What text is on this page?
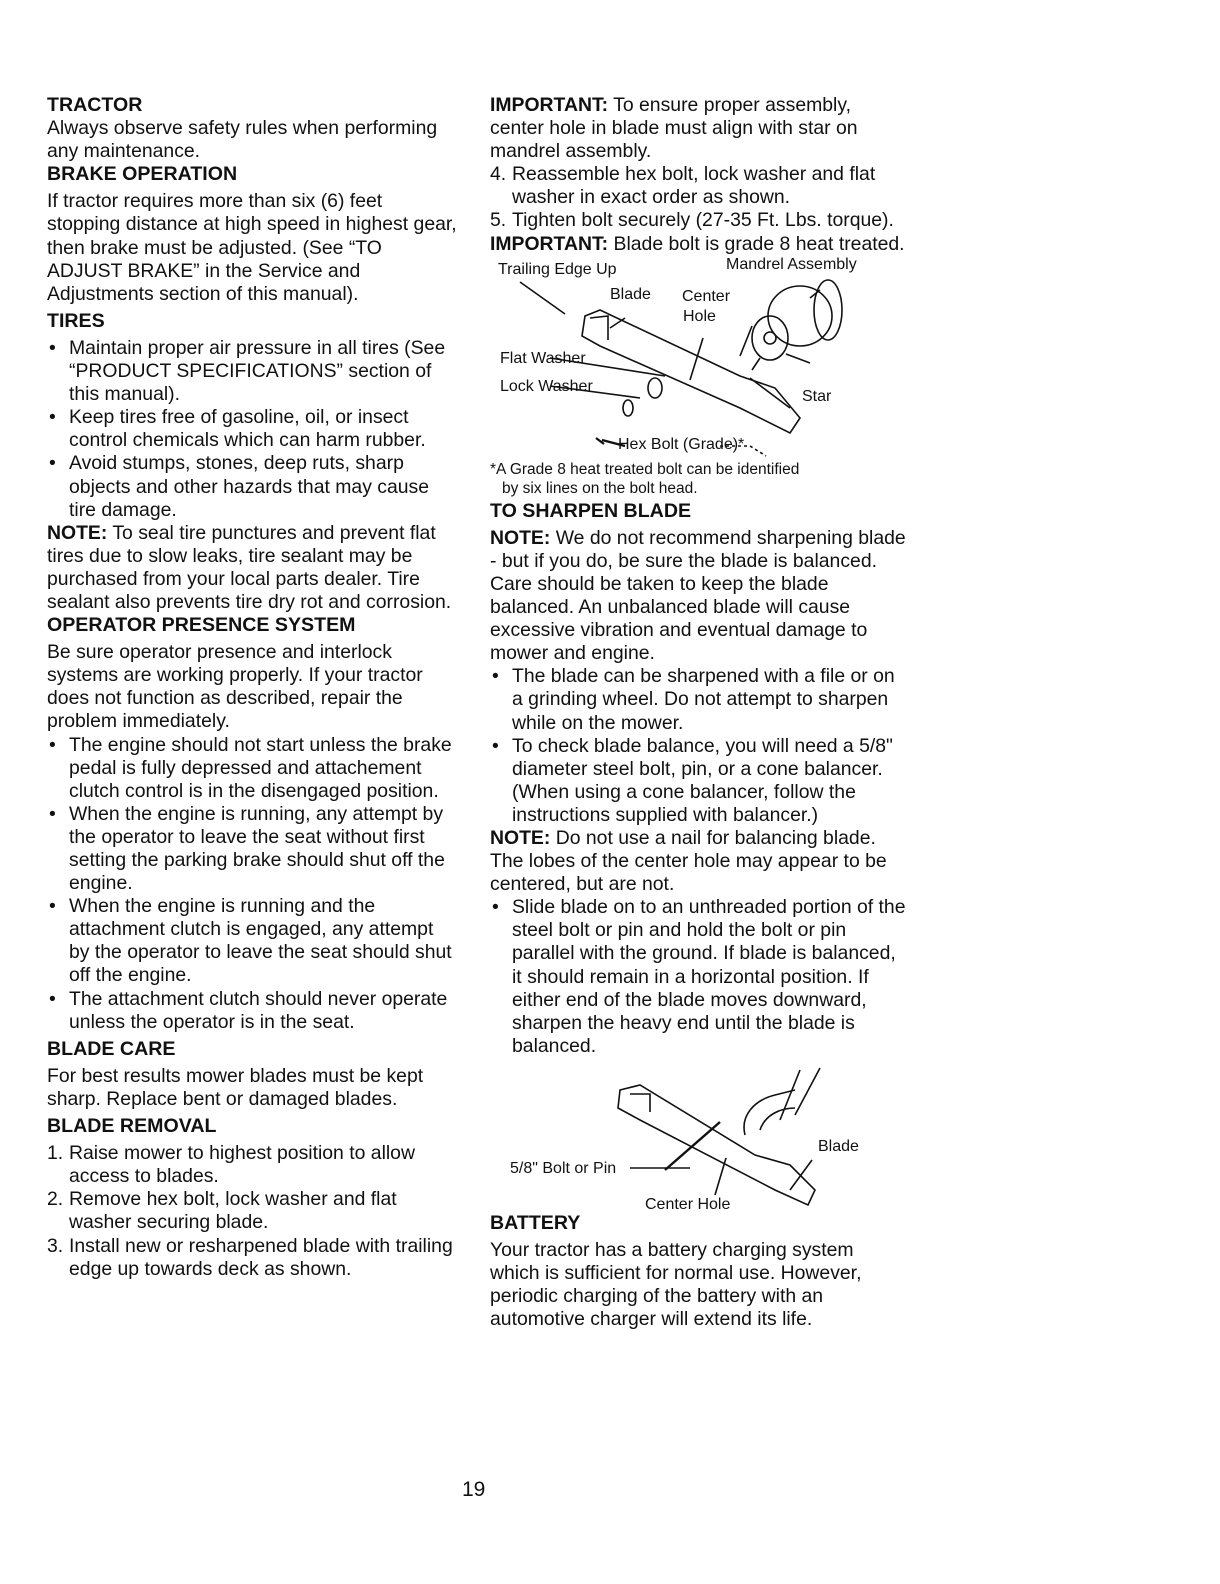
TRACTOR

Always observe safety rules when performing any maintenance.

BRAKE OPERATION

If tractor requires more than six (6) feet stopping distance at high speed in highest gear, then brake must be adjusted. (See “TO ADJUST BRAKE” in the Service and Adjustments section of this manual).

TIRES
• Maintain proper air pressure in all tires (See “PRODUCT SPECIFICATIONS” section of this manual).
• Keep tires free of gasoline, oil, or insect control chemicals which can harm rubber.
• Avoid stumps, stones, deep ruts, sharp objects and other hazards that may cause tire damage.

NOTE: To seal tire punctures and prevent flat tires due to slow leaks, tire sealant may be purchased from your local parts dealer. Tire sealant also prevents tire dry rot and corrosion.

OPERATOR PRESENCE SYSTEM

Be sure operator presence and interlock systems are working properly. If your tractor does not function as described, repair the problem immediately.

• The engine should not start unless the brake pedal is fully depressed and attachement clutch control is in the disengaged position.
• When the engine is running, any attempt by the operator to leave the seat without first setting the parking brake should shut off the engine.
• When the engine is running and the attachment clutch is engaged, any attempt by the operator to leave the seat should shut off the engine.
• The attachment clutch should never operate unless the operator is in the seat.
BLADE CARE

For best results mower blades must be kept sharp. Replace bent or damaged blades.

BLADE REMOVAL
1. Raise mower to highest position to allow access to blades.
2. Remove hex bolt, lock washer and flat washer securing blade.
3. Install new or resharpened blade with trailing edge up towards deck as shown.

IMPORTANT: To ensure proper assembly, center hole in blade must align with star on mandrel assembly.

4. Reassemble hex bolt, lock washer and flat washer in exact order as shown.
5. Tighten bolt securely (27-35 Ft. Lbs. torque).

IMPORTANT: Blade bolt is grade 8 heat treated.

Trailing Edge Up	Mandrel Assembly
Blade Center
Hole
Flat Washer
Lock Washer
Star
Hex Bolt (Grade)*
*A Grade 8 heat treated bolt can be identified
by six lines on the bolt head.
TO SHARPEN BLADE

NOTE: We do not recommend sharpening blade - but if you do, be sure the blade is balanced.

Care should be taken to keep the blade balanced. An unbalanced blade will cause excessive vibration and eventual damage to mower and engine.

• The blade can be sharpened with a file or on a grinding wheel. Do not attempt to sharpen while on the mower.
• To check blade balance, you will need a 5/8" diameter steel bolt, pin, or a cone balancer. (When using a cone balancer, follow the instructions supplied with balancer.)

NOTE: Do not use a nail for balancing blade. The lobes of the center hole may appear to be centered, but are not.

• Slide blade on to an unthreaded portion of the steel bolt or pin and hold the bolt or pin parallel with the ground. If blade is balanced, it should remain in a horizontal position. If either end of the blade moves downward, sharpen the heavy end until the blade is balanced.
Blade
5/8" Bolt or Pin
Center Hole
BATTERY

Your tractor has a battery charging system which is sufficient for normal use. However, periodic charging of the battery with an automotive charger will extend its life.

19
